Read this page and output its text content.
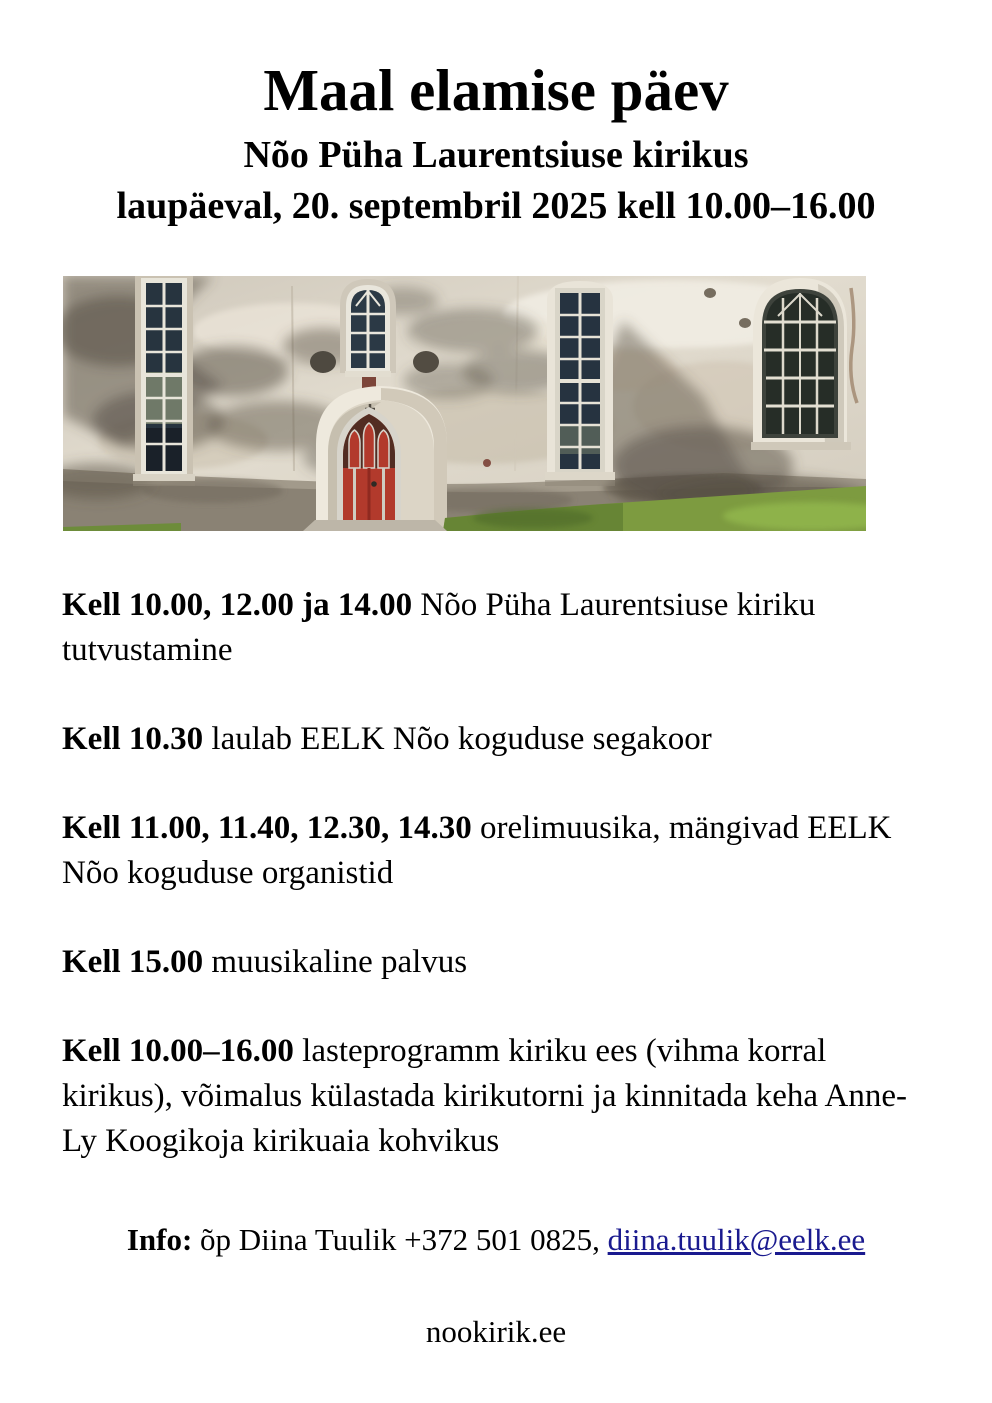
Maal elamise päev
Nõo Püha Laurentsiuse kirikus
laupäeval, 20. septembril 2025 kell 10.00–16.00

Kell 10.00, 12.00 ja 14.00 Nõo Püha Laurentsiuse kiriku tutvustamine

Kell 10.30 laulab EELK Nõo koguduse segakoor

Kell 11.00, 11.40, 12.30, 14.30 orelimuusika, mängivad EELK Nõo koguduse organistid

Kell 15.00 muusikaline palvus

Kell 10.00–16.00 lasteprogramm kiriku ees (vihma korral kirikus), võimalus külastada kirikutorni ja kinnitada keha Anne-Ly Koogikoja kirikuaia kohvikus

Info: õp Diina Tuulik +372 501 0825, diina.tuulik@eelk.ee
nookirik.ee
